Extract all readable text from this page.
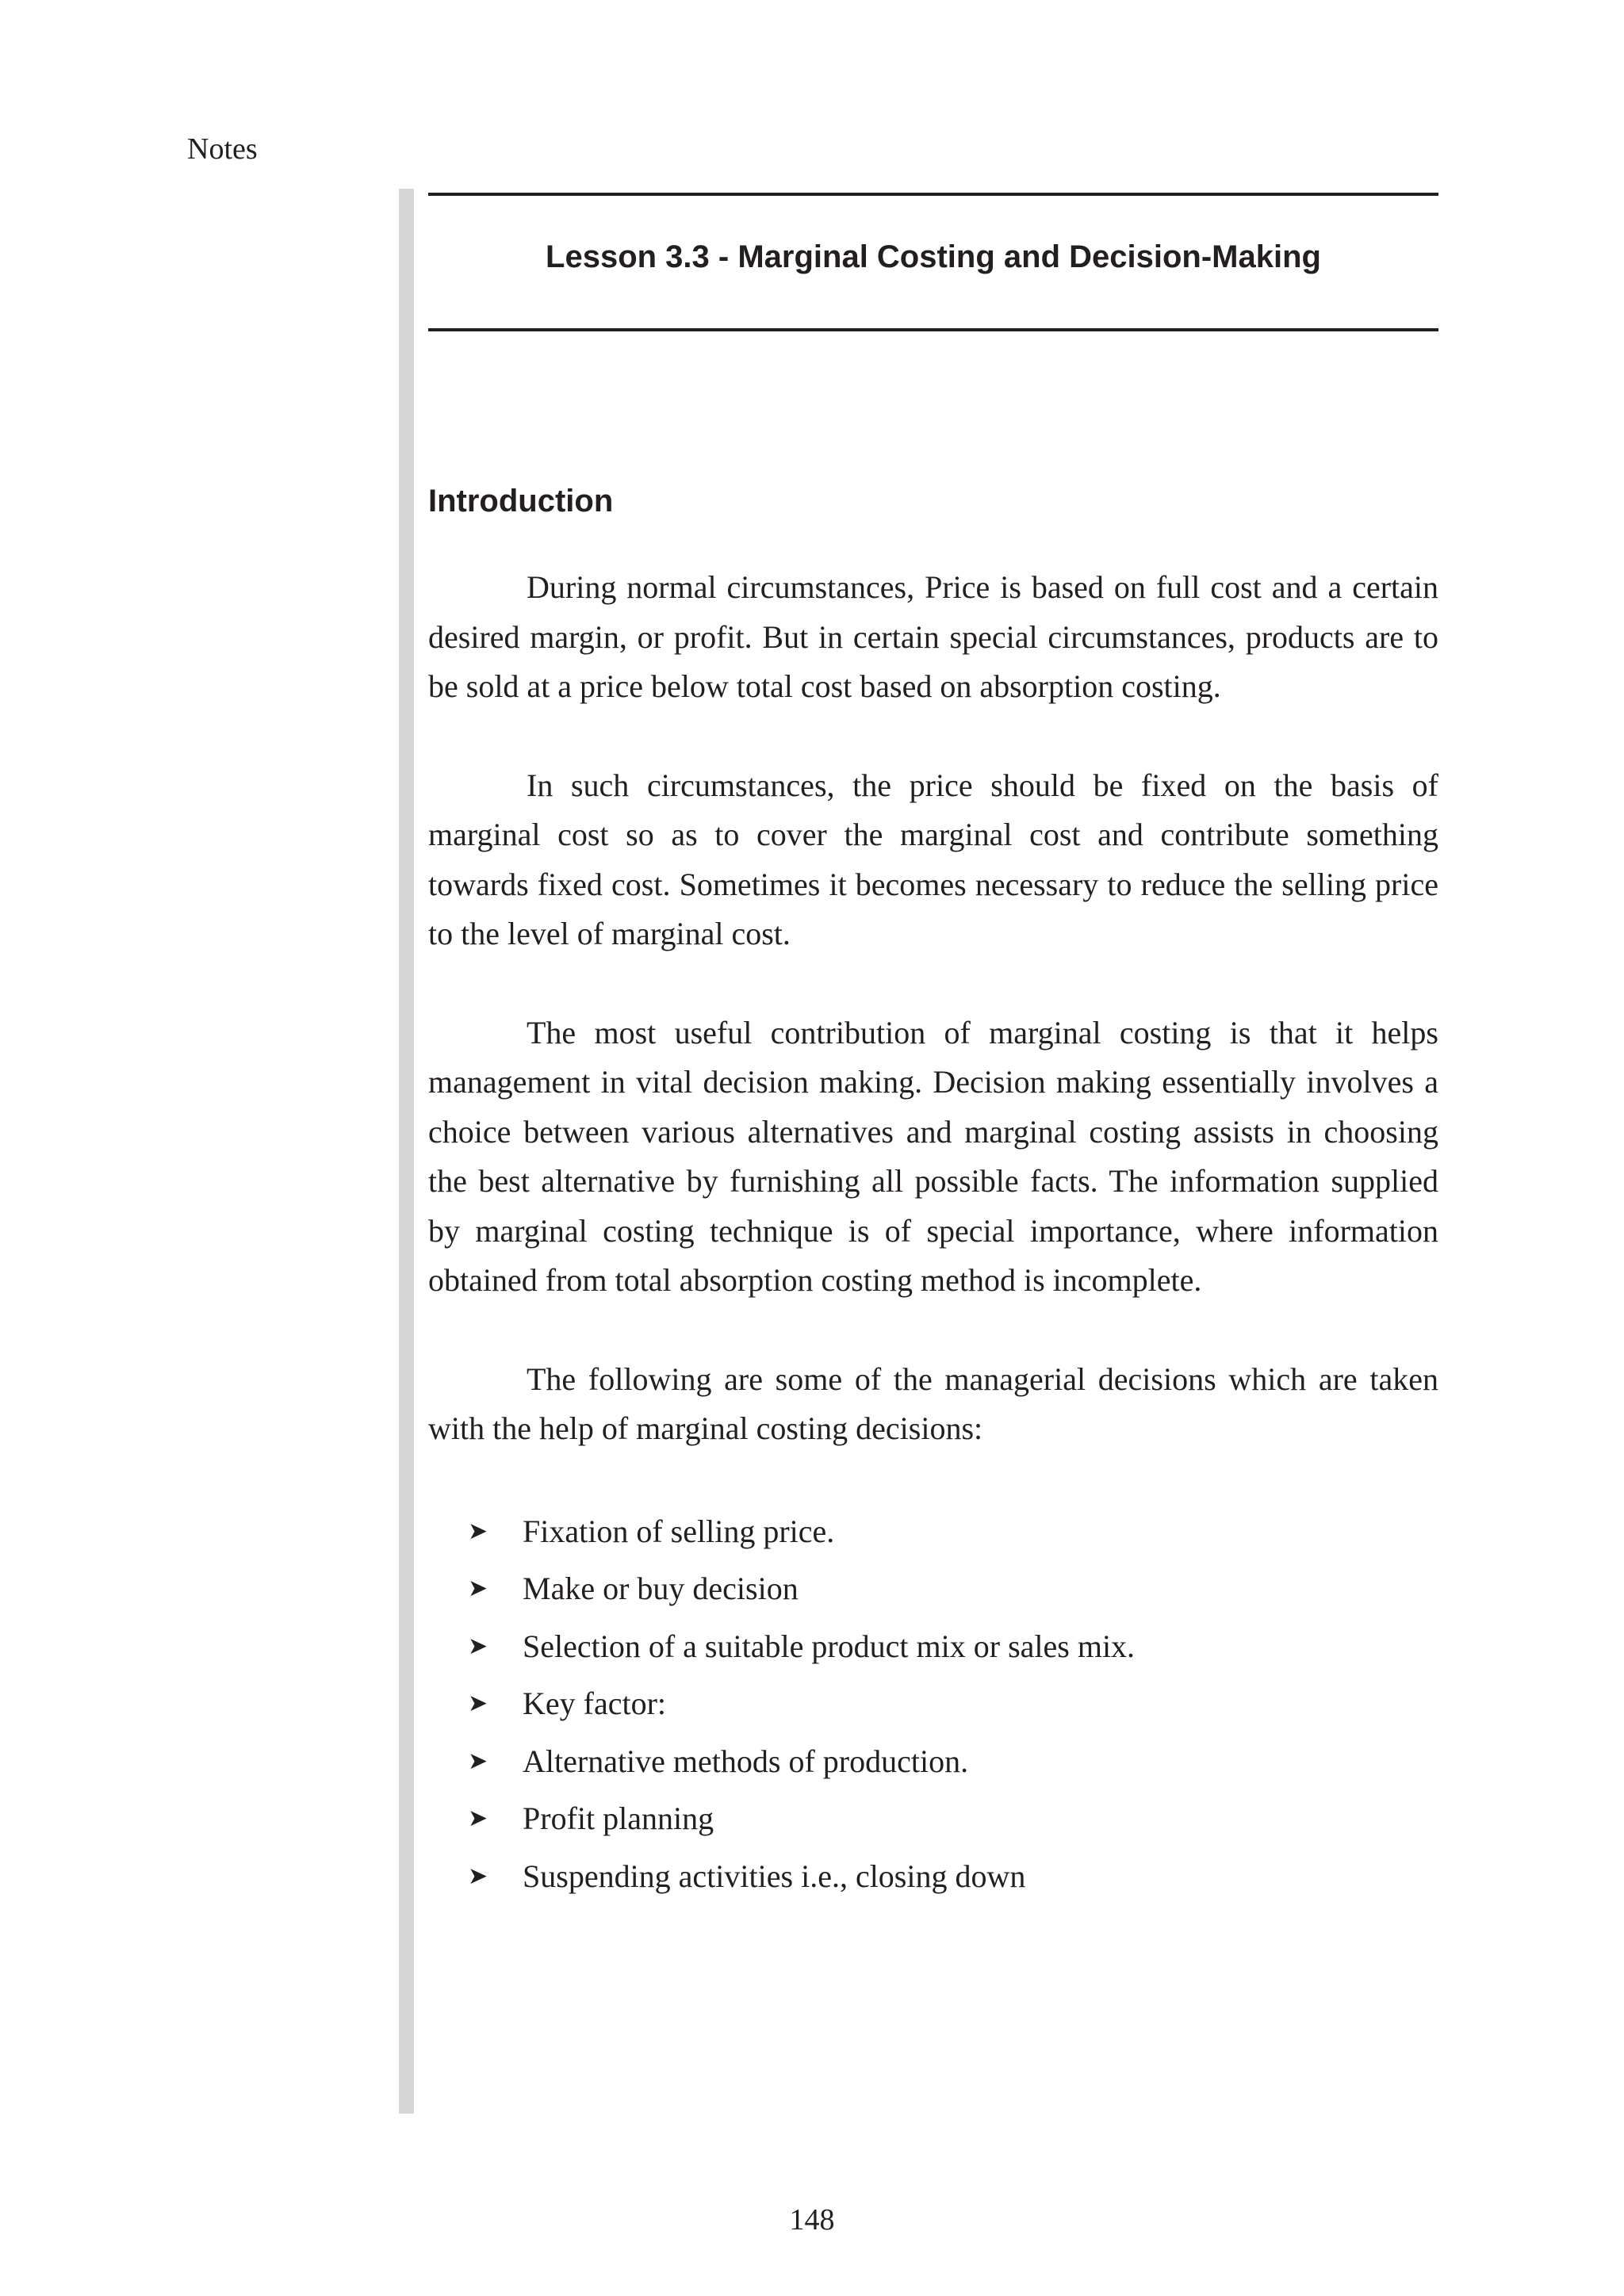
Notes
Lesson 3.3 - Marginal Costing and Decision-Making
Introduction

During normal circumstances, Price is based on full cost and a certain desired margin, or profit. But in certain special circumstances, products are to be sold at a price below total cost based on absorption costing.

In such circumstances, the price should be fixed on the basis of marginal cost so as to cover the marginal cost and contribute something towards fixed cost. Sometimes it becomes necessary to reduce the selling price to the level of marginal cost.

The most useful contribution of marginal costing is that it helps management in vital decision making. Decision making essentially involves a choice between various alternatives and marginal costing assists in choosing the best alternative by furnishing all possible facts. The information supplied by marginal costing technique is of special importance, where information obtained from total absorption costing method is incomplete.

The following are some of the managerial decisions which are taken with the help of marginal costing decisions:

➤ Fixation of selling price.
➤ Make or buy decision
➤ Selection of a suitable product mix or sales mix.
➤ Key factor:
➤ Alternative methods of production.
➤ Profit planning
➤ Suspending activities i.e., closing down
148
